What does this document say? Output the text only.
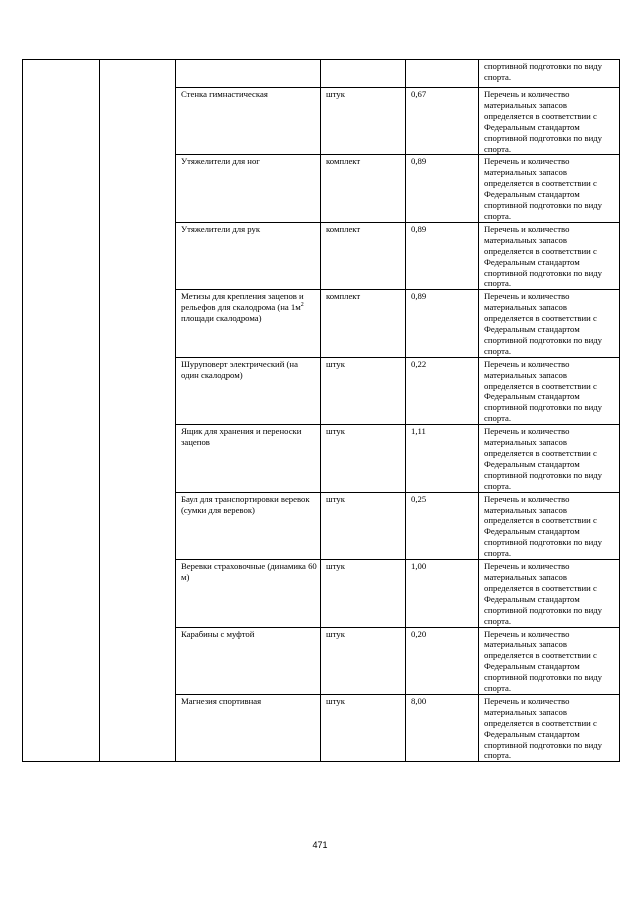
					спортивной подготовки по виду спорта.
		Стенка гимнастическая	штук	0,67	Перечень и количество материальных запасов определяется в соответствии с Федеральным стандартом спортивной подготовки по виду спорта.
		Утяжелители для ног	комплект	0,89	Перечень и количество материальных запасов определяется в соответствии с Федеральным стандартом спортивной подготовки по виду спорта.
		Утяжелители для рук	комплект	0,89	Перечень и количество материальных запасов определяется в соответствии с Федеральным стандартом спортивной подготовки по виду спорта.
		Метизы для крепления зацепов и рельефов для скалодрома (на $1м^2$ площади скалодрома)	комплект	0,89	Перечень и количество материальных запасов определяется в соответствии с Федеральным стандартом спортивной подготовки по виду спорта.
		Шуруповерт электрический (на один скалодром)	штук	0,22	Перечень и количество материальных запасов определяется в соответствии с Федеральным стандартом спортивной подготовки по виду спорта.
		Ящик для хранения и переноски зацепов	штук	1,11	Перечень и количество материальных запасов определяется в соответствии с Федеральным стандартом спортивной подготовки по виду спорта.
		Баул для транспортировки веревок (сумки для веревок)	штук	0,25	Перечень и количество материальных запасов определяется в соответствии с Федеральным стандартом спортивной подготовки по виду спорта.
		Веревки страховочные (динамика 60 м)	штук	1,00	Перечень и количество материальных запасов определяется в соответствии с Федеральным стандартом спортивной подготовки по виду спорта.
		Карабины с муфтой	штук	0,20	Перечень и количество материальных запасов определяется в соответствии с Федеральным стандартом спортивной подготовки по виду спорта.
		Магнезия спортивная	штук	8,00	Перечень и количество материальных запасов определяется в соответствии с Федеральным стандартом спортивной подготовки по виду спорта.
471
